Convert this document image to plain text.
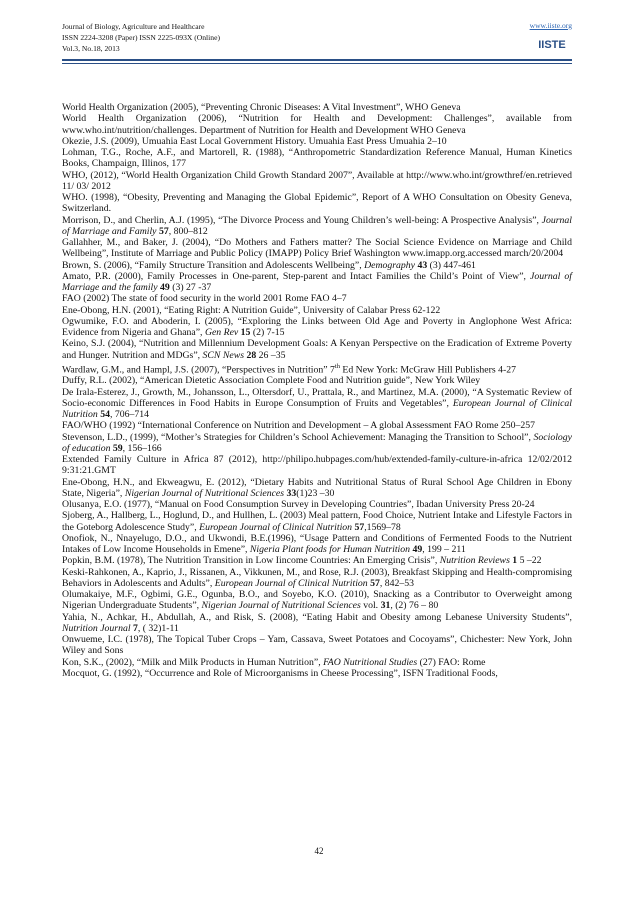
Journal of Biology, Agriculture and Healthcare
ISSN 2224-3208 (Paper) ISSN 2225-093X (Online)
Vol.3, No.18, 2013
www.iiste.org
IISTE

World Health Organization (2005), “Preventing Chronic Diseases: A Vital Investment”, WHO Geneva

World Health Organization (2006), “Nutrition for Health and Development: Challenges”, available from www.who.int/nutrition/challenges. Department of Nutrition for Health and Development WHO Geneva

Okezie, J.S. (2009), Umuahia East Local Government History. Umuahia East Press Umuahia 2–10

Lohman, T.G., Roche, A.F., and Martorell, R. (1988), “Anthropometric Standardization Reference Manual, Human Kinetics Books, Champaign, Illinos, 177

WHO, (2012), “World Health Organization Child Growth Standard 2007”, Available at http://www.who.int/growthref/en.retrieved 11/ 03/ 2012

WHO. (1998), “Obesity, Preventing and Managing the Global Epidemic”, Report of A WHO Consultation on Obesity Geneva, Switzerland.

Morrison, D., and Cherlin, A.J. (1995), “The Divorce Process and Young Children’s well-being: A Prospective Analysis”, Journal of Marriage and Family 57, 800–812

Gallahher, M., and Baker, J. (2004), “Do Mothers and Fathers matter? The Social Science Evidence on Marriage and Child Wellbeing”, Institute of Marriage and Public Policy (IMAPP) Policy Brief Washington www.imapp.org.accessed march/20/2004

Brown, S. (2006), “Family Structure Transition and Adolescents Wellbeing”, Demography 43 (3) 447-461

Amato, P.R. (2000), Family Processes in One-parent, Step-parent and Intact Families the Child’s Point of View”, Journal of Marriage and the family 49 (3) 27 -37

FAO (2002) The state of food security in the world 2001 Rome FAO 4–7

Ene-Obong, H.N. (2001), “Eating Right: A Nutrition Guide”, University of Calabar Press 62-122

Ogwumike, F.O. and Aboderin, I. (2005), “Exploring the Links between Old Age and Poverty in Anglophone West Africa: Evidence from Nigeria and Ghana”, Gen Rev 15 (2) 7-15

Keino, S.J. (2004), “Nutrition and Millennium Development Goals: A Kenyan Perspective on the Eradication of Extreme Poverty and Hunger. Nutrition and MDGs”, SCN News 28 26 –35

Wardlaw, G.M., and Hampl, J.S. (2007), “Perspectives in Nutrition” 7th Ed New York: McGraw Hill Publishers 4-27

Duffy, R.L. (2002), “American Dietetic Association Complete Food and Nutrition guide”, New York Wiley

De Irala-Esterez, J., Growth, M., Johansson, L., Oltersdorf, U., Prattala, R., and Martinez, M.A. (2000), “A Systematic Review of Socio-economic Differences in Food Habits in Europe Consumption of Fruits and Vegetables”, European Journal of Clinical Nutrition 54, 706–714

FAO/WHO (1992) “International Conference on Nutrition and Development – A global Assessment FAO Rome 250–257

Stevenson, L.D., (1999), “Mother’s Strategies for Children’s School Achievement: Managing the Transition to School”, Sociology of education 59, 156–166

Extended Family Culture in Africa 87 (2012), http://philipo.hubpages.com/hub/extended-family-culture-in-africa 12/02/2012 9:31:21.GMT

Ene-Obong, H.N., and Ekweagwu, E. (2012), “Dietary Habits and Nutritional Status of Rural School Age Children in Ebony State, Nigeria”, Nigerian Journal of Nutritional Sciences 33(1)23 –30

Olusanya, E.O. (1977), “Manual on Food Consumption Survey in Developing Countries”, Ibadan University Press 20-24

Sjoberg, A., Hallberg, L., Hoglund, D., and Hullhen, L. (2003) Meal pattern, Food Choice, Nutrient Intake and Lifestyle Factors in the Goteborg Adolescence Study”, European Journal of Clinical Nutrition 57,1569–78

Onofiok, N., Nnayelugo, D.O., and Ukwondi, B.E.(1996), “Usage Pattern and Conditions of Fermented Foods to the Nutrient Intakes of Low Income Households in Emene”, Nigeria Plant foods for Human Nutrition 49, 199 – 211

Popkin, B.M. (1978), The Nutrition Transition in Low Iincome Countries: An Emerging Crisis”, Nutrition Reviews 1 5 –22

Keski-Rahkonen, A., Kaprio, J., Rissanen, A., Vikkunen, M., and Rose, R.J. (2003), Breakfast Skipping and Health-compromising Behaviors in Adolescents and Adults”, European Journal of Clinical Nutrition 57, 842–53

Olumakaiye, M.F., Ogbimi, G.E., Ogunba, B.O., and Soyebo, K.O. (2010), Snacking as a Contributor to Overweight among Nigerian Undergraduate Students”, Nigerian Journal of Nutritional Sciences vol. 31, (2) 76 – 80

Yahia, N., Achkar, H., Abdullah, A., and Risk, S. (2008), “Eating Habit and Obesity among Lebanese University Students”, Nutrition Journal 7, ( 32)1-11

Onwueme, I.C. (1978), The Topical Tuber Crops – Yam, Cassava, Sweet Potatoes and Cocoyams”, Chichester: New York, John Wiley and Sons

Kon, S.K., (2002), “Milk and Milk Products in Human Nutrition”, FAO Nutritional Studies (27) FAO: Rome

Mocquot, G. (1992), “Occurrence and Role of Microorganisms in Cheese Processing”, ISFN Traditional Foods,

42
